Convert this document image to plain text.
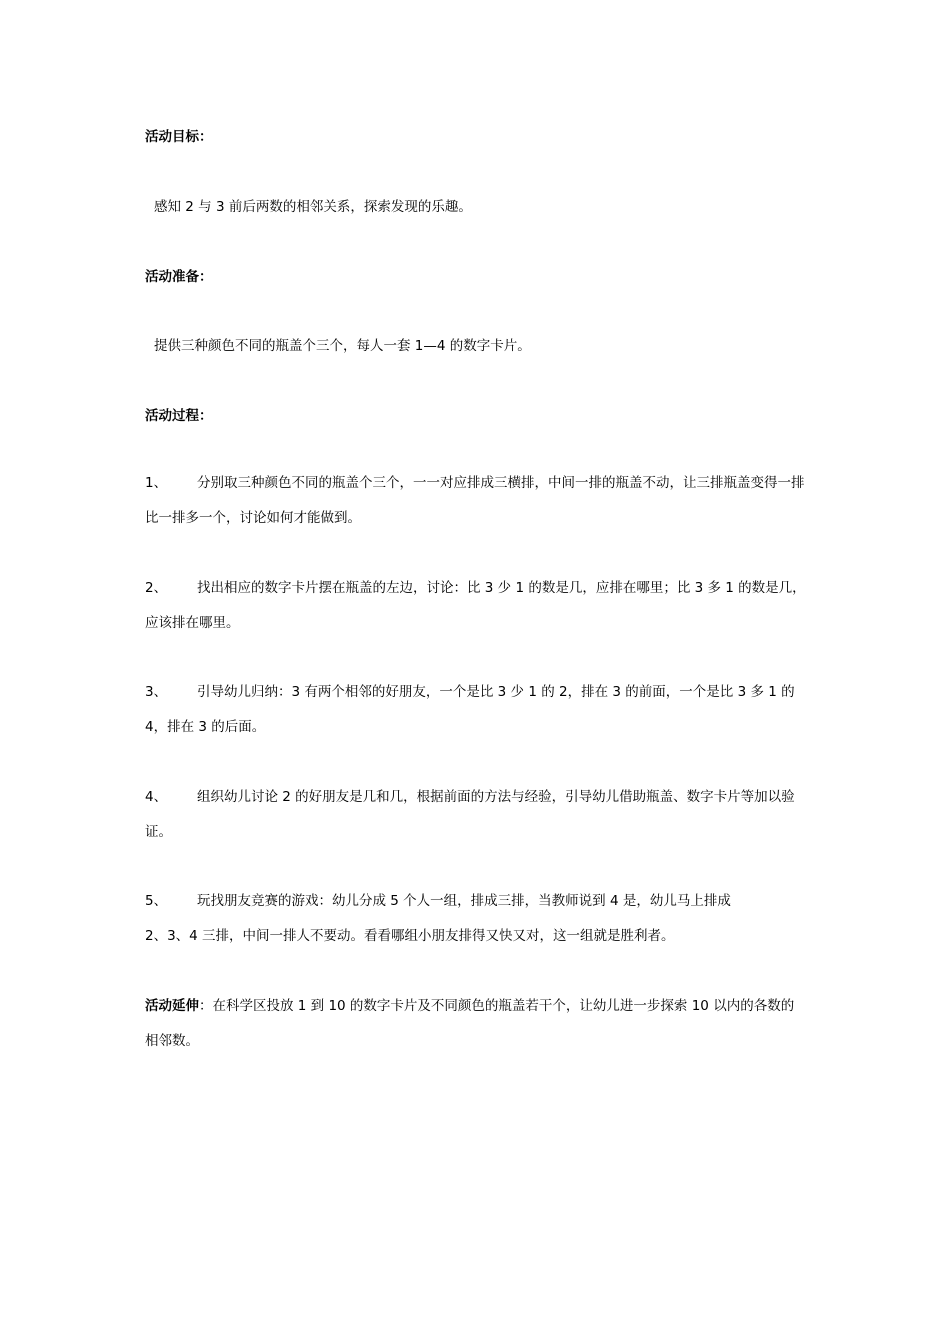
活动目标：
感知 2 与 3 前后两数的相邻关系，探索发现的乐趣。
活动准备：
提供三种颜色不同的瓶盖个三个，每人一套 1—4 的数字卡片。
活动过程：
1、 分别取三种颜色不同的瓶盖个三个，一一对应排成三横排，中间一排的瓶盖不动，让三排瓶盖变得一排比一排多一个，讨论如何才能做到。
2、 找出相应的数字卡片摆在瓶盖的左边，讨论：比 3 少 1 的数是几，应排在哪里；比 3 多 1 的数是几，应该排在哪里。
3、 引导幼儿归纳：3 有两个相邻的好朋友，一个是比 3 少 1 的 2，排在 3 的前面，一个是比 3 多 1 的 4，排在 3 的后面。
4、 组织幼儿讨论 2 的好朋友是几和几，根据前面的方法与经验，引导幼儿借助瓶盖、数字卡片等加以验证。
5、 玩找朋友竞赛的游戏：幼儿分成 5 个人一组，排成三排，当教师说到 4 是，幼儿马上排成
2、3、4 三排，中间一排人不要动。看看哪组小朋友排得又快又对，这一组就是胜利者。
活动延伸：在科学区投放 1 到 10 的数字卡片及不同颜色的瓶盖若干个，让幼儿进一步探索 10 以内的各数的相邻数。
